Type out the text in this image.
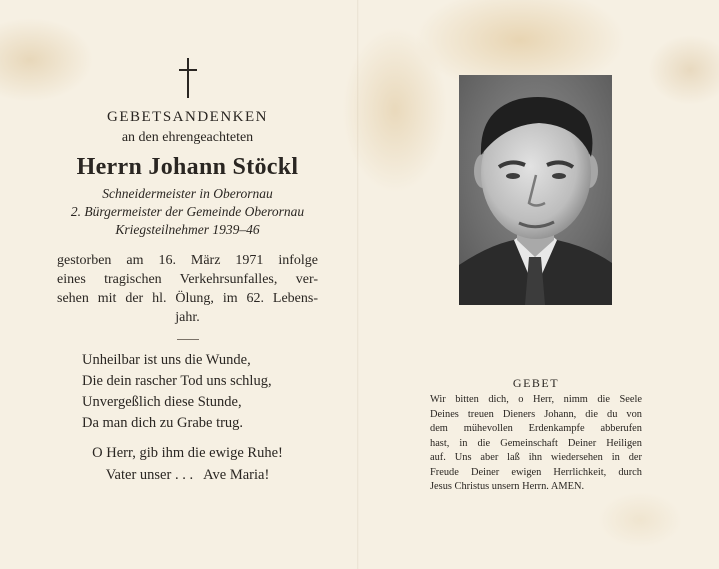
GEBETSANDENKEN
an den ehrengeachteten
Herrn Johann Stöckl
Schneidermeister in Oberornau
2. Bürgermeister der Gemeinde Oberornau
Kriegsteilnehmer 1939–46
gestorben am 16. März 1971 infolge
eines tragischen Verkehrsunfalles, ver-
sehen mit der hl. Ölung, im 62. Lebens-
jahr.
Unheilbar ist uns die Wunde,
Die dein rascher Tod uns schlug,
Unvergeßlich diese Stunde,
Da man dich zu Grabe trug.
O Herr, gib ihm die ewige Ruhe!
Vater unser . . .   Ave Maria!
GEBET
Wir bitten dich, o Herr, nimm die Seele
Deines treuen Dieners Johann, die du von
dem mühevollen Erdenkampfe abberufen
hast, in die Gemeinschaft Deiner Heiligen
auf. Uns aber laß ihn wiedersehen in der
Freude Deiner ewigen Herrlichkeit, durch
Jesus Christus unsern Herrn. AMEN.
